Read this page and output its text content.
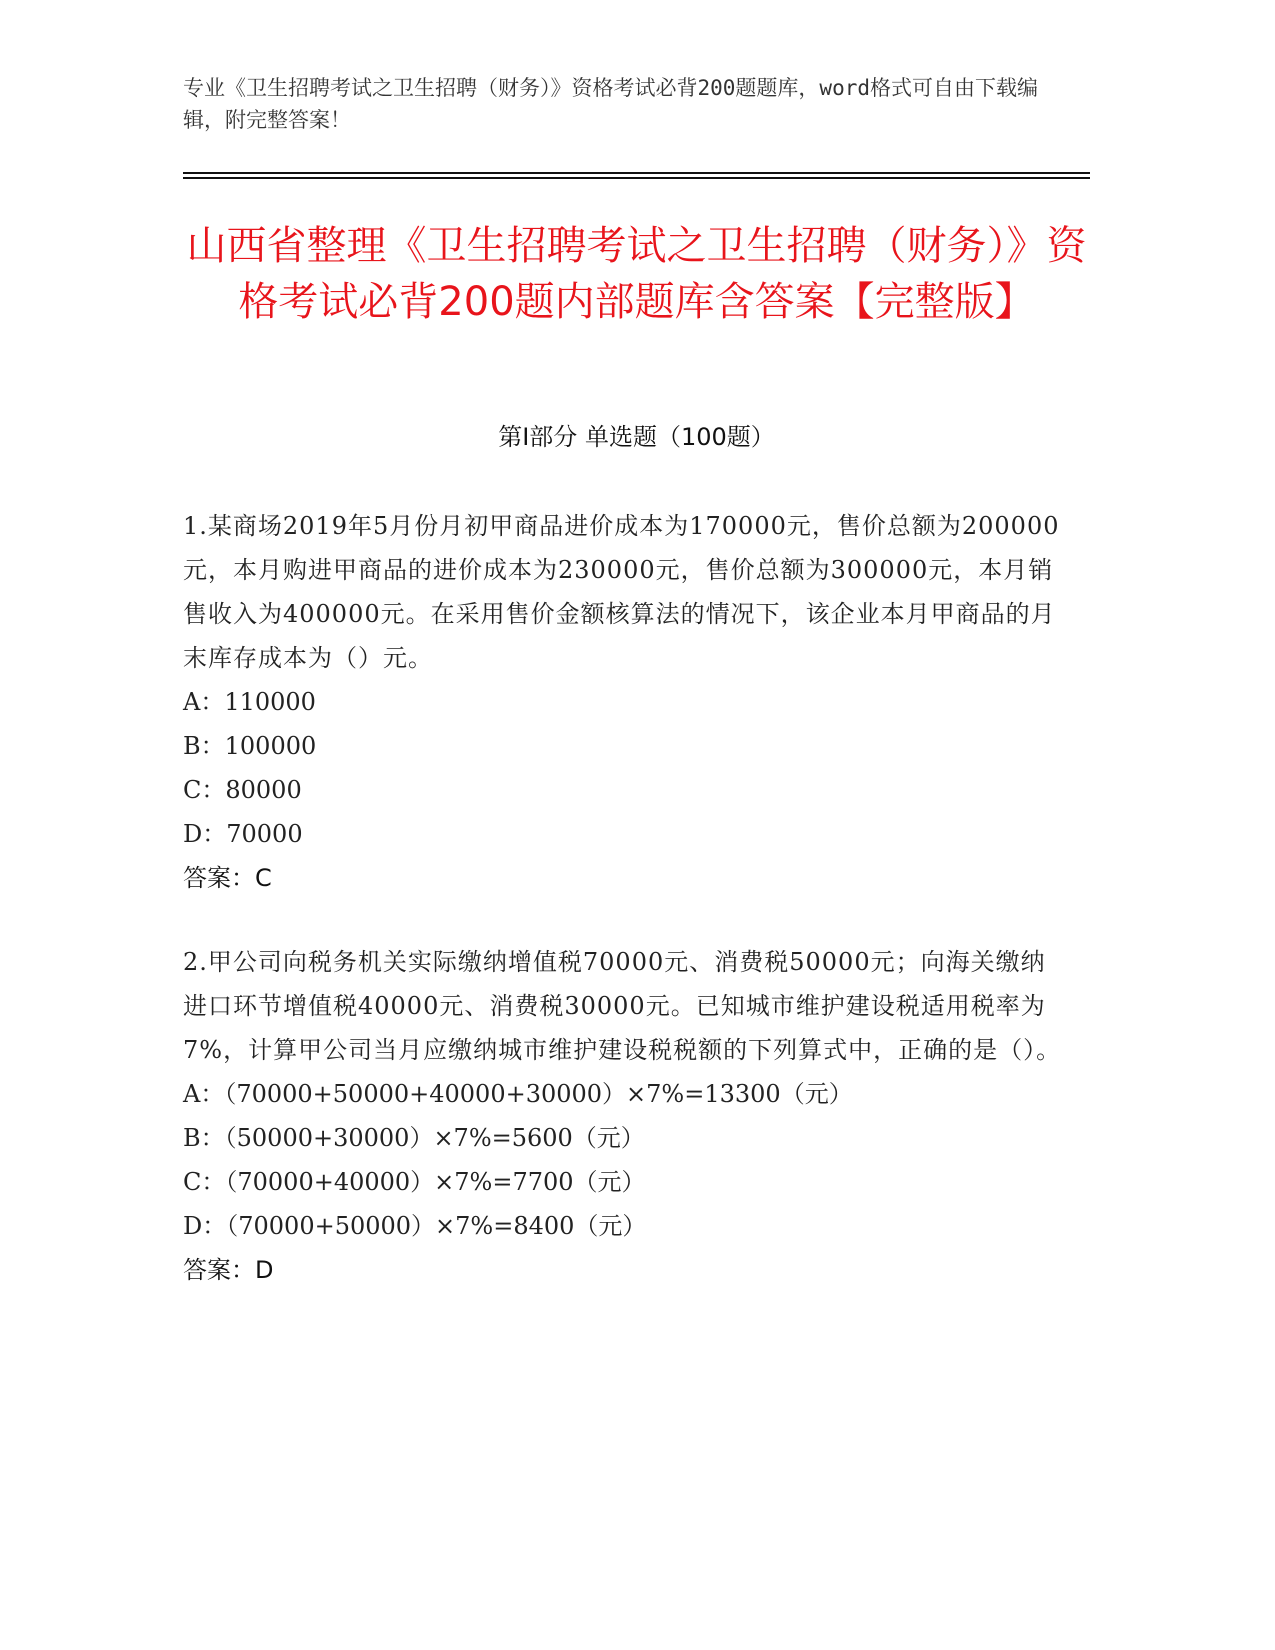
专业《卫生招聘考试之卫生招聘（财务）》资格考试必背200题题库，word格式可自由下载编辑，附完整答案！
山西省整理《卫生招聘考试之卫生招聘（财务）》资格考试必背200题内部题库含答案【完整版】
第Ⅰ部分 单选题（100题）
1.某商场2019年5月份月初甲商品进价成本为170000元，售价总额为200000元，本月购进甲商品的进价成本为230000元，售价总额为300000元，本月销售收入为400000元。在采用售价金额核算法的情况下，该企业本月甲商品的月末库存成本为（）元。
A：110000
B：100000
C：80000
D：70000
答案：C
2.甲公司向税务机关实际缴纳增值税70000元、消费税50000元；向海关缴纳进口环节增值税40000元、消费税30000元。已知城市维护建设税适用税率为7%，计算甲公司当月应缴纳城市维护建设税税额的下列算式中，正确的是（）。
A：（70000+50000+40000+30000）×7%=13300（元）
B：（50000+30000）×7%=5600（元）
C：（70000+40000）×7%=7700（元）
D：（70000+50000）×7%=8400（元）
答案：D
